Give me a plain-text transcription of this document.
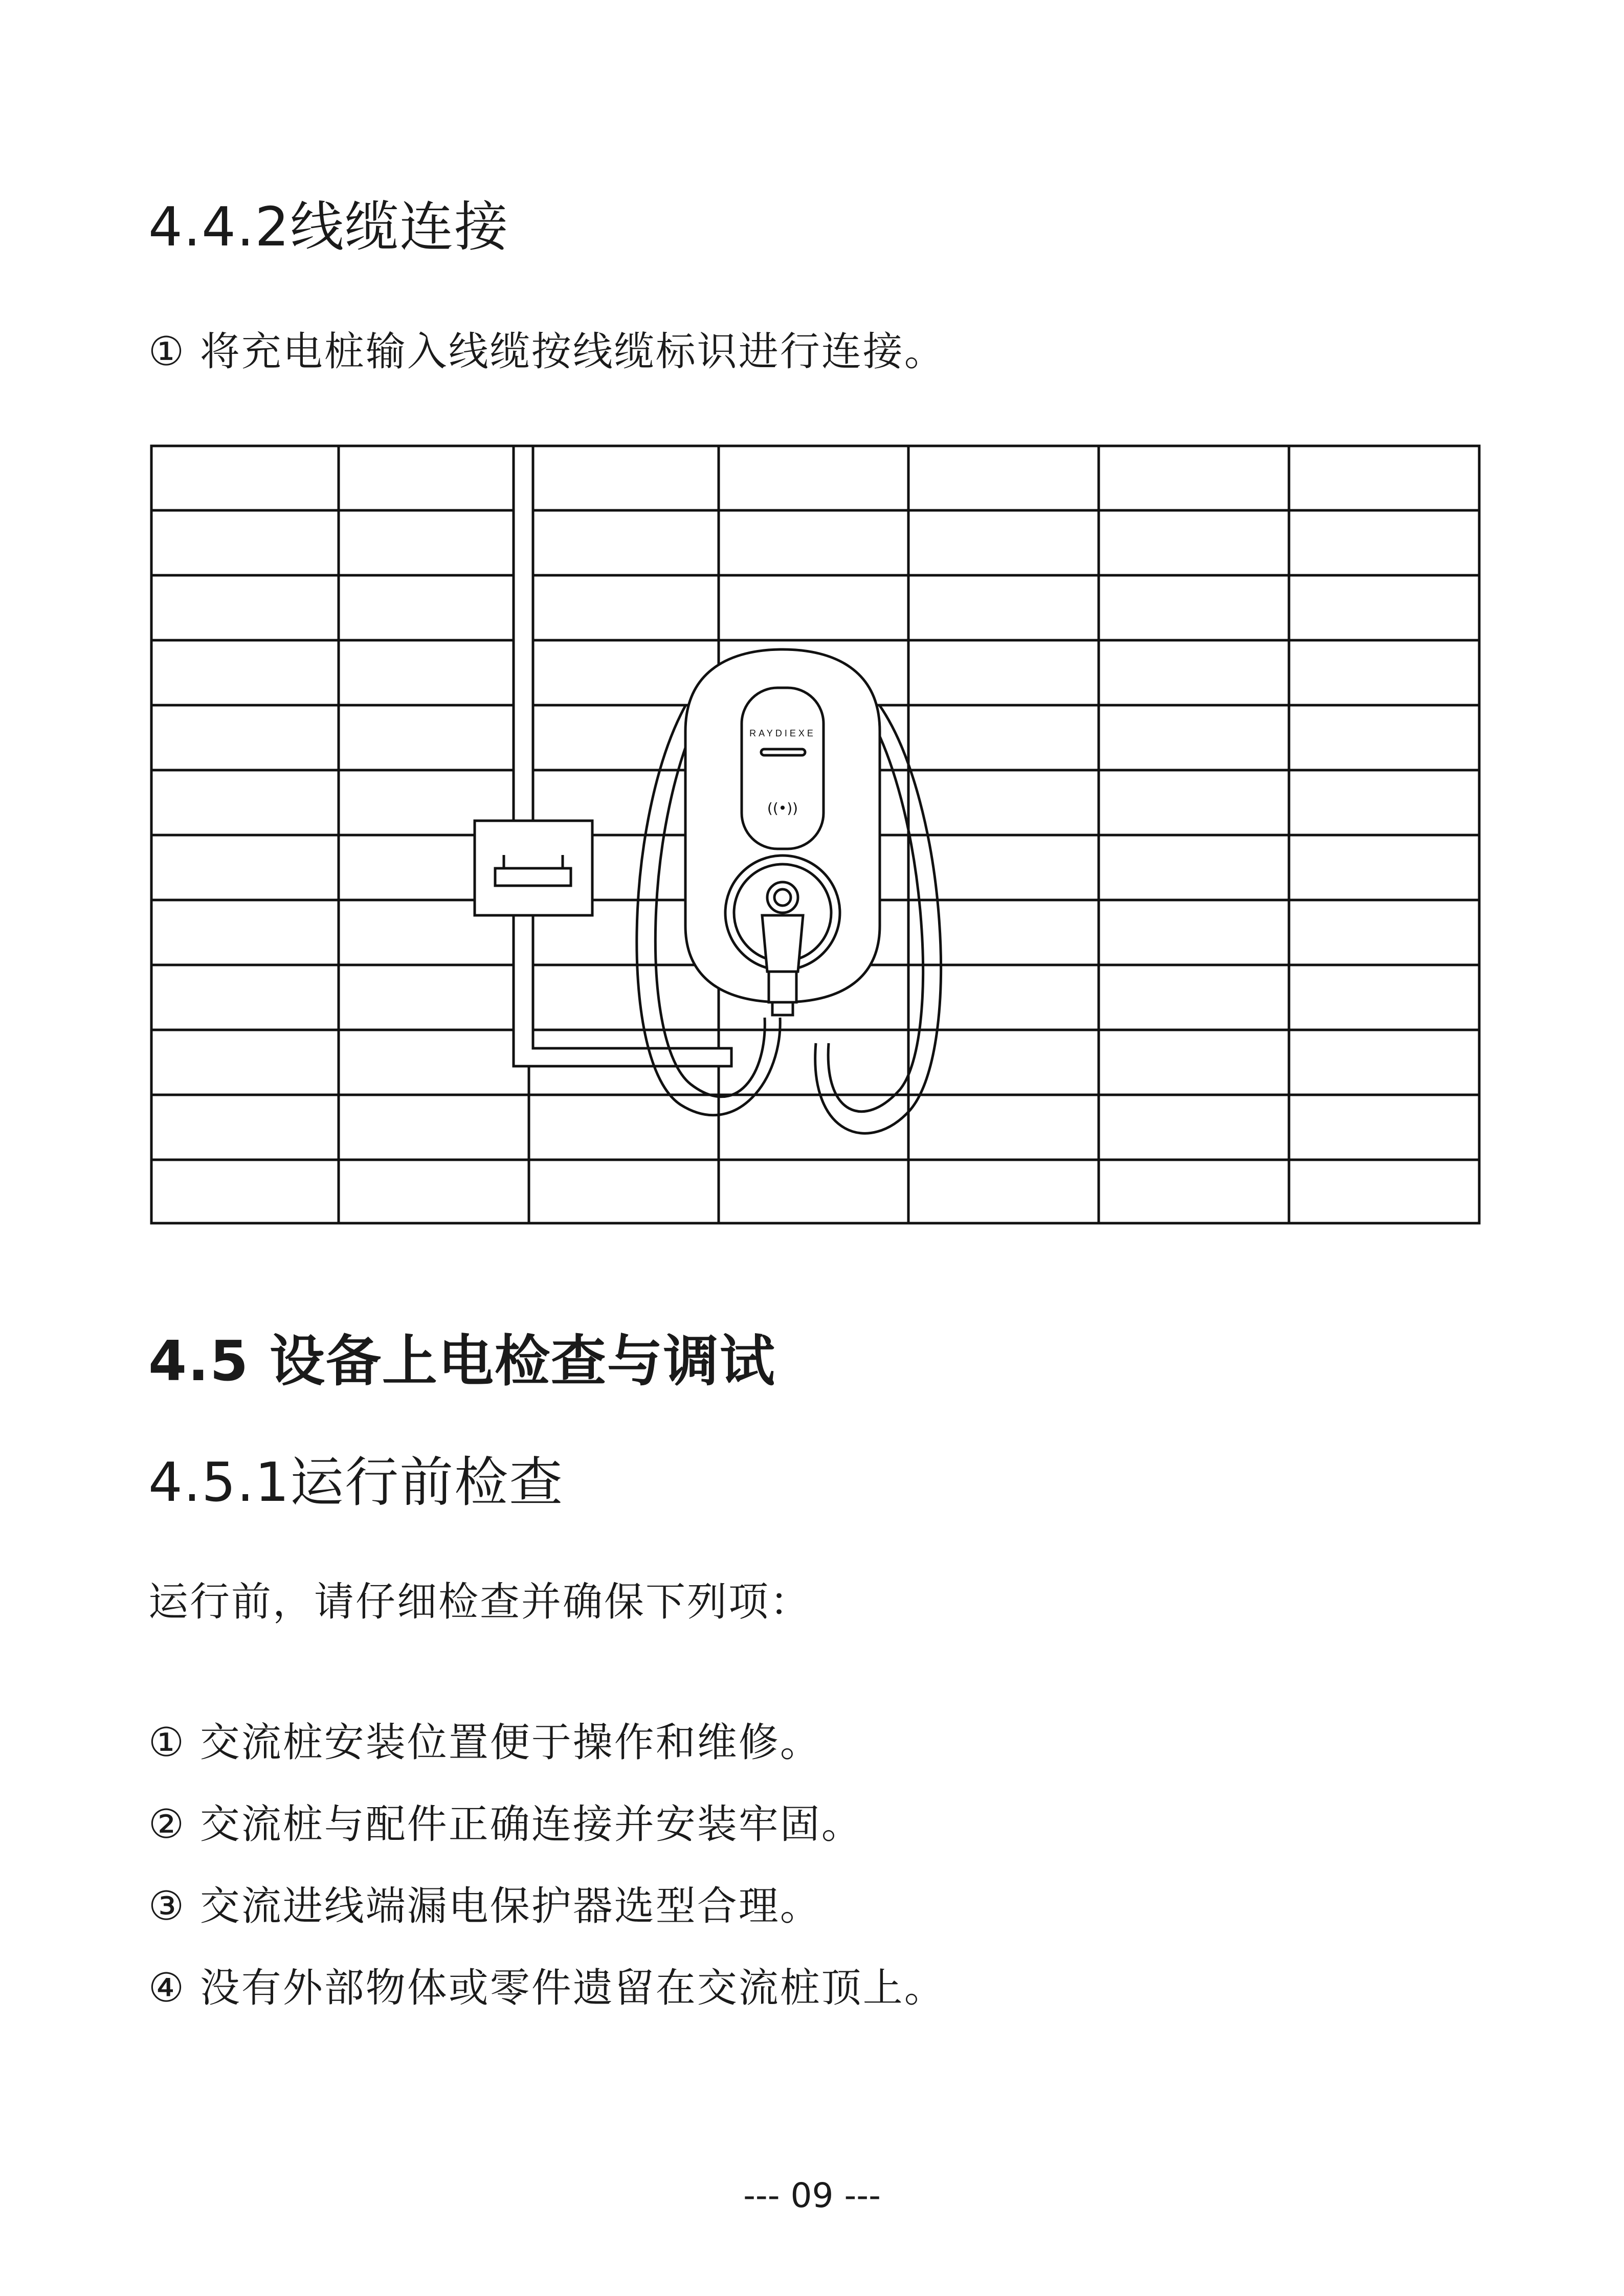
4.4.2线缆连接
① 将充电桩输入线缆按线缆标识进行连接。
RAYDIEXE
((•))
4.5 设备上电检查与调试
4.5.1运行前检查
运行前，请仔细检查并确保下列项：
① 交流桩安装位置便于操作和维修。
② 交流桩与配件正确连接并安装牢固。
③ 交流进线端漏电保护器选型合理。
④ 没有外部物体或零件遗留在交流桩顶上。
--- 09 ---
